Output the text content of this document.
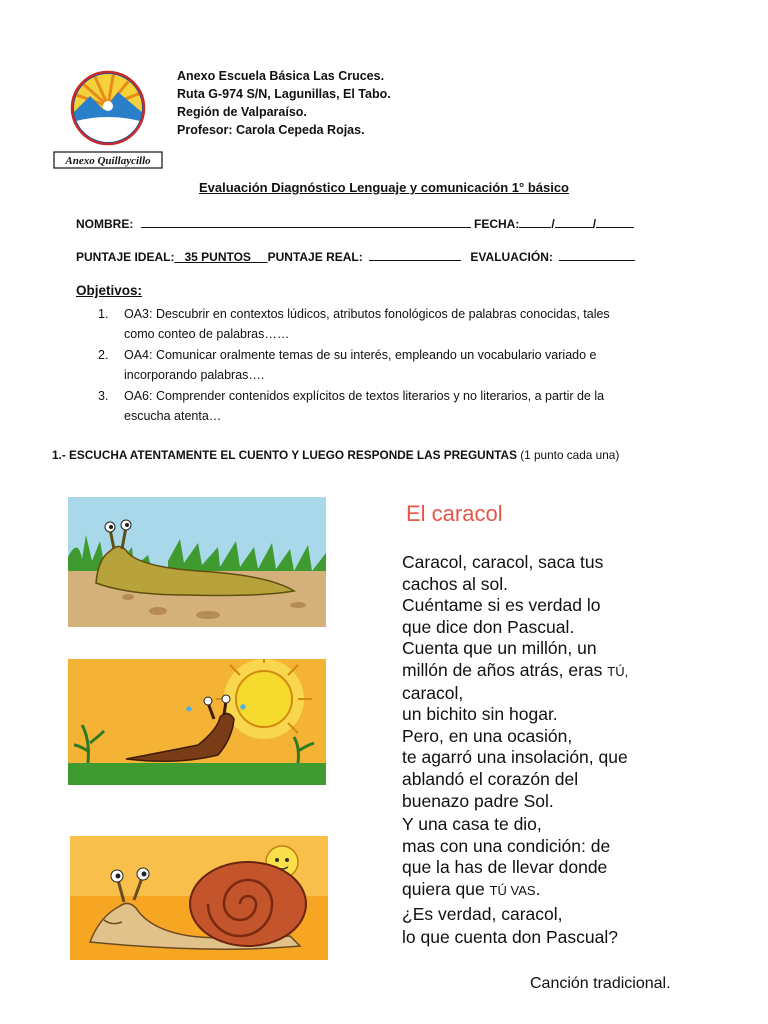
Anexo Quillaycillo
Anexo Escuela Básica Las Cruces.
Ruta G-974 S/N, Lagunillas, El Tabo.
Región de Valparaíso.
Profesor: Carola Cepeda Rojas.
Evaluación Diagnóstico Lenguaje y comunicación 1° básico
NOMBRE:	FECHA:	/	/
PUNTAJE IDEAL: 35 PUNTOS PUNTAJE REAL:	EVALUACIÓN:
Objetivos:
1. OA3: Descubrir en contextos lúdicos, atributos fonológicos de palabras conocidas, tales
como conteo de palabras……
2. OA4: Comunicar oralmente temas de su interés, empleando un vocabulario variado e
incorporando palabras….
3. OA6: Comprender contenidos explícitos de textos literarios y no literarios, a partir de la
escucha atenta…
1.- ESCUCHA ATENTAMENTE EL CUENTO Y LUEGO RESPONDE LAS PREGUNTAS (1 punto cada una)
El caracol
Caracol, caracol, saca tus
cachos al sol.
Cuéntame si es verdad lo
que dice don Pascual.
Cuenta que un millón, un
millón de años atrás, eras TÚ,
caracol,
un bichito sin hogar.
Pero, en una ocasión,
te agarró una insolación, que
ablandó el corazón del
buenazo padre Sol.
Y una casa te dio,
mas con una condición: de
que la has de llevar donde
quiera que TÚ VAS.
¿Es verdad, caracol,
lo que cuenta don Pascual?
Canción tradicional.
